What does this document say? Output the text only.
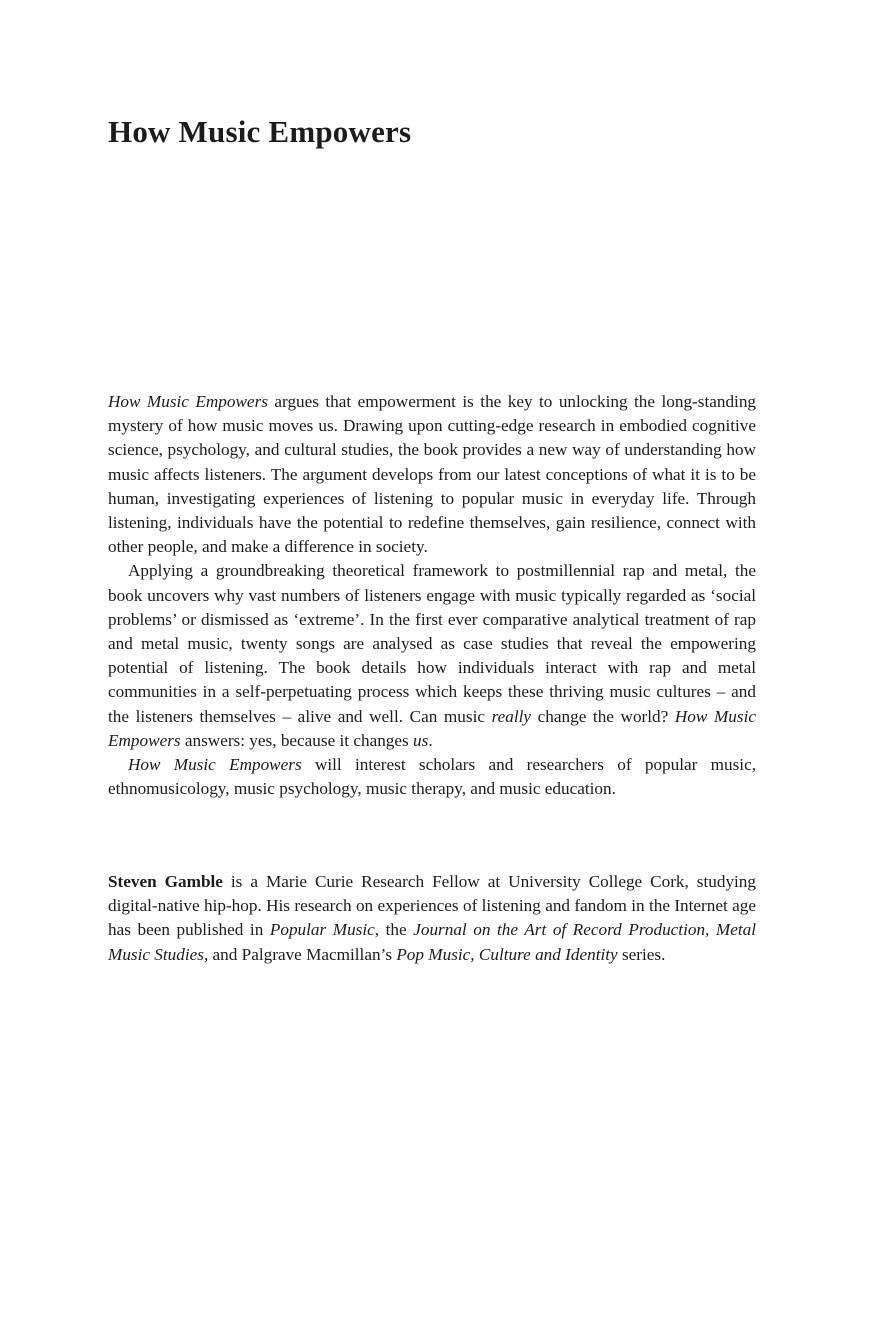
How Music Empowers

How Music Empowers argues that empowerment is the key to unlocking the long-standing mystery of how music moves us. Drawing upon cutting-edge research in embodied cognitive science, psychology, and cultural studies, the book provides a new way of understanding how music affects listeners. The argument develops from our latest conceptions of what it is to be human, investigating experiences of listening to popular music in everyday life. Through listening, individuals have the potential to redefine themselves, gain resilience, connect with other people, and make a difference in society.

Applying a groundbreaking theoretical framework to postmillennial rap and metal, the book uncovers why vast numbers of listeners engage with music typically regarded as ‘social problems’ or dismissed as ‘extreme’. In the first ever comparative analytical treatment of rap and metal music, twenty songs are analysed as case studies that reveal the empowering potential of listening. The book details how individuals interact with rap and metal communities in a self-perpetuating process which keeps these thriving music cultures – and the listeners themselves – alive and well. Can music really change the world? How Music Empowers answers: yes, because it changes us.

How Music Empowers will interest scholars and researchers of popular music, ethnomusicology, music psychology, music therapy, and music education.

Steven Gamble is a Marie Curie Research Fellow at University College Cork, studying digital-native hip-hop. His research on experiences of listening and fandom in the Internet age has been published in Popular Music, the Journal on the Art of Record Production, Metal Music Studies, and Palgrave Macmillan’s Pop Music, Culture and Identity series.
